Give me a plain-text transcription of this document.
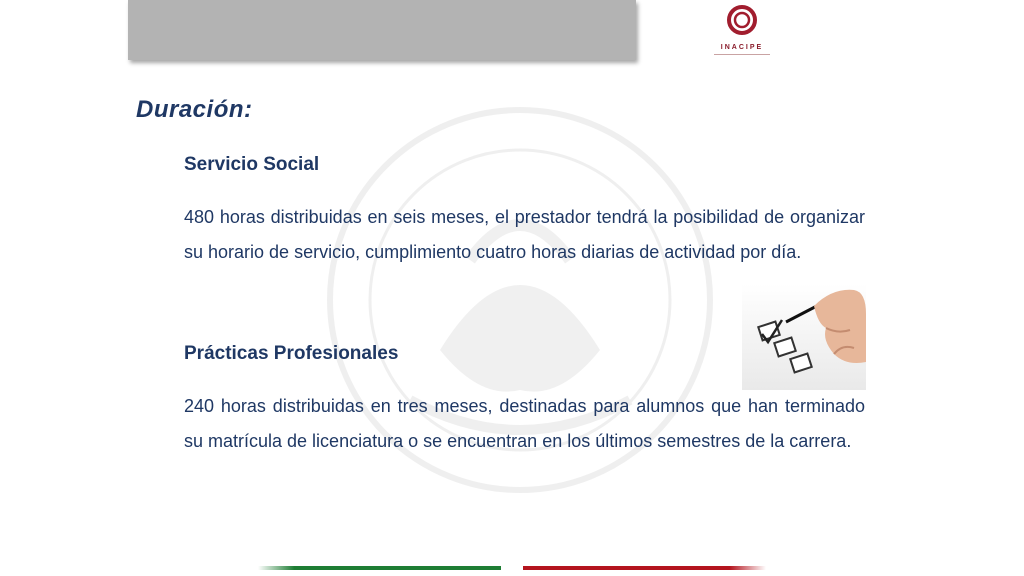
INACIPE
Duración:
Servicio Social

480 horas distribuidas en seis meses, el prestador tendrá la posibilidad de organizar su horario de servicio, cumplimiento cuatro horas diarias de actividad por día.

Prácticas Profesionales

240 horas distribuidas en tres meses, destinadas para alumnos que han terminado su matrícula de licenciatura o se encuentran en los últimos semestres de la carrera.
